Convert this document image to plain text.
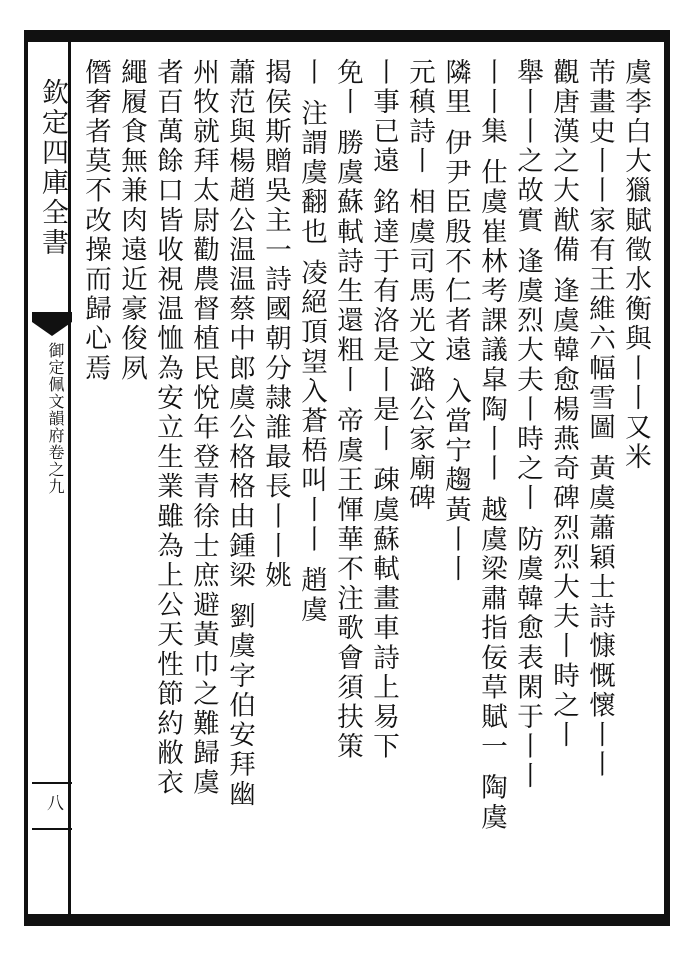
欽定四庫全書
御定佩文韻府卷之九
八
虞李白大獵賦徵水衡與丨丨又米
芾畫史丨丨家有王維六幅雪圖 黃虞蕭穎士詩慷慨懷丨丨
觀唐漢之大猷備 逢虞韓愈楊燕奇碑烈烈大夫丨時之丨
舉丨丨之故實 逢虞烈大夫丨時之丨 防虞韓愈表閑于丨丨
丨丨集 仕虞崔林考課議皐陶丨丨 越虞梁肅指佞草賦一 陶虞
隣里 伊尹臣殷不仁者遠 入當宁趨黃丨丨
元稹詩丨 相虞司馬光文潞公家廟碑
丨事已遠 銘達于有洛是丨是丨 疎虞蘇軾畫車詩上易下
免丨 勝虞蘇軾詩生還粗丨 帝虞王惲華不注歌會須扶策
丨 注謂虞翻也 凌絕頂望入蒼梧叫丨丨 趙虞
揭侯斯贈吳主一詩國朝分隷誰最長丨丨姚
蕭范與楊趙公温温蔡中郎虞公格格由鍾梁 劉虞字伯安拜幽
州牧就拜太尉勸農督植民悅年登青徐士庶避黃巾之難歸虞
者百萬餘口皆收視温恤為安立生業雖為上公天性節約敝衣
繩履食無兼肉遠近豪俊夙
僭奢者莫不改操而歸心焉
